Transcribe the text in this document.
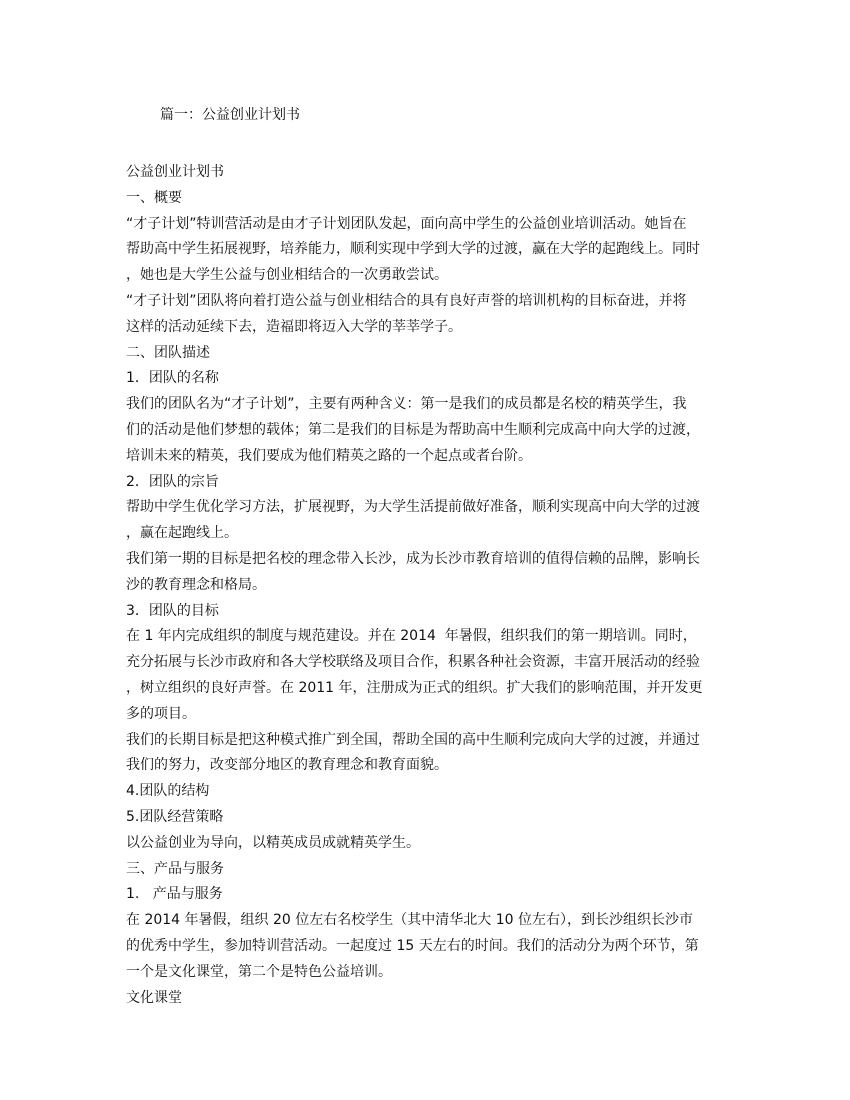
篇一：公益创业计划书

公益创业计划书

一、概要

“才子计划”特训营活动是由才子计划团队发起，面向高中学生的公益创业培训活动。她旨在

帮助高中学生拓展视野，培养能力，顺利实现中学到大学的过渡，赢在大学的起跑线上。同时

，她也是大学生公益与创业相结合的一次勇敢尝试。

“才子计划”团队将向着打造公益与创业相结合的具有良好声誉的培训机构的目标奋进，并将

这样的活动延续下去，造福即将迈入大学的莘莘学子。

二、团队描述

1．团队的名称

我们的团队名为“才子计划”，主要有两种含义：第一是我们的成员都是名校的精英学生，我

们的活动是他们梦想的载体；第二是我们的目标是为帮助高中生顺利完成高中向大学的过渡，

培训未来的精英，我们要成为他们精英之路的一个起点或者台阶。

2．团队的宗旨

帮助中学生优化学习方法，扩展视野，为大学生活提前做好准备，顺利实现高中向大学的过渡

，赢在起跑线上。

我们第一期的目标是把名校的理念带入长沙，成为长沙市教育培训的值得信赖的品牌，影响长

沙的教育理念和格局。

3．团队的目标

在 1 年内完成组织的制度与规范建设。并在 2014  年暑假，组织我们的第一期培训。同时，

充分拓展与长沙市政府和各大学校联络及项目合作，积累各种社会资源，丰富开展活动的经验

，树立组织的良好声誉。在 2011 年，注册成为正式的组织。扩大我们的影响范围，并开发更

多的项目。

我们的长期目标是把这种模式推广到全国，帮助全国的高中生顺利完成向大学的过渡，并通过

我们的努力，改变部分地区的教育理念和教育面貌。

4.团队的结构

5.团队经营策略

以公益创业为导向，以精英成员成就精英学生。

三、产品与服务

1.   产品与服务

在 2014 年暑假，组织 20 位左右名校学生（其中清华北大 10 位左右），到长沙组织长沙市

的优秀中学生，参加特训营活动。一起度过 15 天左右的时间。我们的活动分为两个环节，第

一个是文化课堂，第二个是特色公益培训。

文化课堂
